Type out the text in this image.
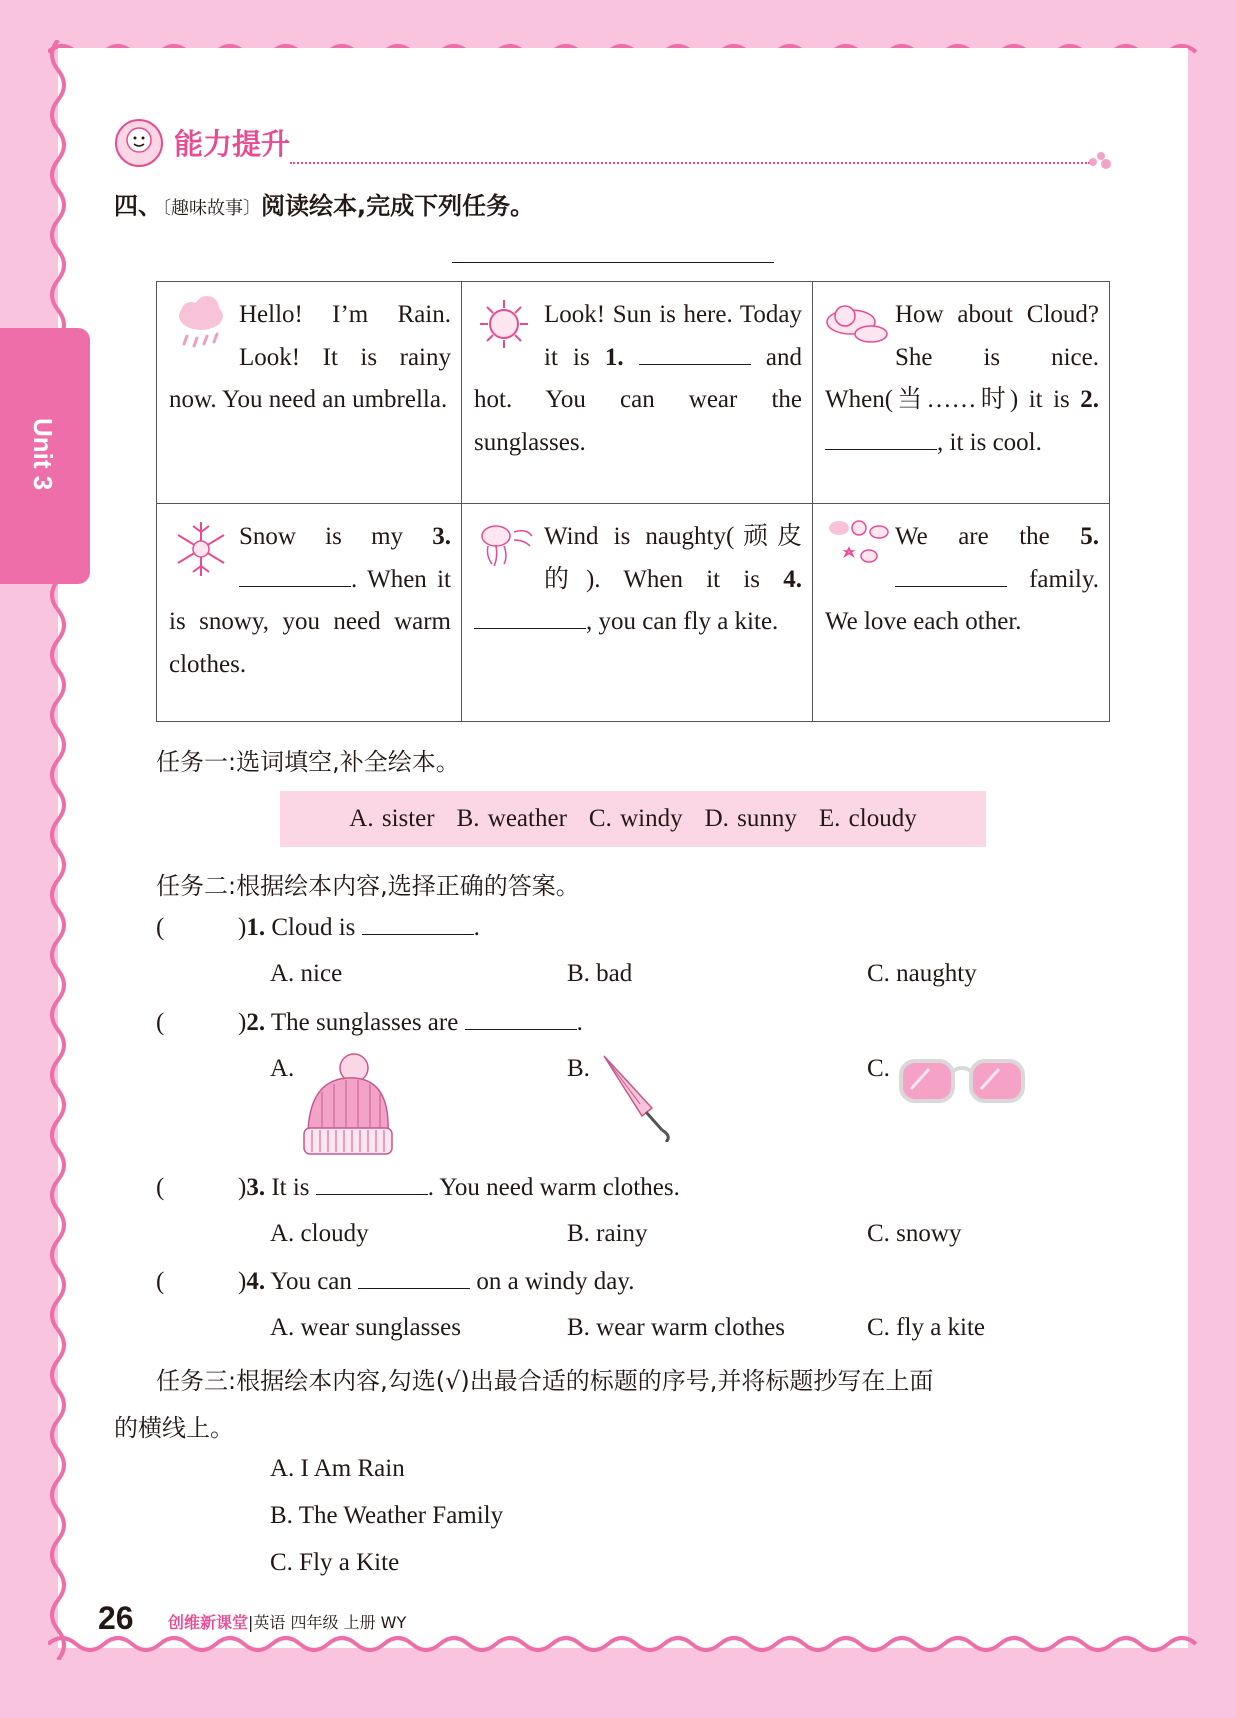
Unit 3
能力提升
四、〔趣味故事〕阅读绘本,完成下列任务。
Hello! I’m Rain. Look! It is rainy now. You need an umbrella.	Look! Sun is here. Today it is 1. and hot. You can wear the sunglasses.	How about Cloud? She is nice. When(当……时) it is 2. , it is cool.

Snow is my 3. . When it is snowy, you need warm clothes.	Wind is naughty(顽皮的). When it is 4. , you can fly a kite.	We are the 5.  family. We love each other.
任务一:选词填空,补全绘本。
A. sister B. weather C. windy D. sunny E. cloudy
任务二:根据绘本内容,选择正确的答案。
(	)1. Cloud is	.
A. nice	B. bad	C. naughty
(	)2. The sunglasses are	.
A.	B.	C.
(	)3. It is	. You need warm clothes.
A. cloudy	B. rainy	C. snowy
(	)4. You can	on a windy day.
A. wear sunglasses	B. wear warm clothes	C. fly a kite
任务三:根据绘本内容,勾选(√)出最合适的标题的序号,并将标题抄写在上面
的横线上。
A. I Am Rain
B. The Weather Family
C. Fly a Kite
26 创维新课堂|英语 四年级 上册 WY
